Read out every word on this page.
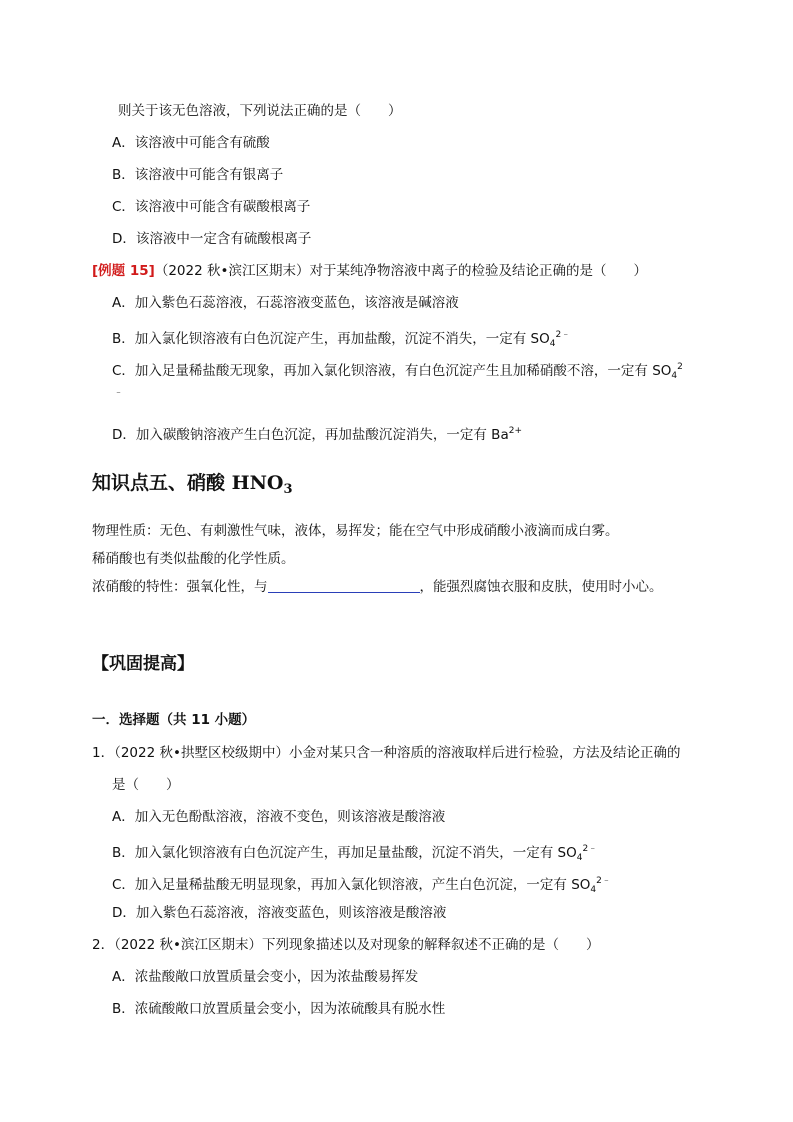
则关于该无色溶液，下列说法正确的是（　　）
A．该溶液中可能含有硫酸
B．该溶液中可能含有银离子
C．该溶液中可能含有碳酸根离子
D．该溶液中一定含有硫酸根离子
[例题 15]（2022 秋•滨江区期末）对于某纯净物溶液中离子的检验及结论正确的是（　　）
A．加入紫色石蕊溶液，石蕊溶液变蓝色，该溶液是碱溶液
B．加入氯化钡溶液有白色沉淀产生，再加盐酸，沉淀不消失，一定有 $SO_4^{2﹣}$
C．加入足量稀盐酸无现象，再加入氯化钡溶液，有白色沉淀产生且加稀硝酸不溶，一定有 $SO_4^2$
﹣
D．加入碳酸钠溶液产生白色沉淀，再加盐酸沉淀消失，一定有 $Ba^{2+}$
知识点五、硝酸 $HNO_3$
物理性质：无色、有刺激性气味，液体，易挥发；能在空气中形成硝酸小液滴而成白雾。
稀硝酸也有类似盐酸的化学性质。
浓硝酸的特性：强氧化性，与	，能强烈腐蚀衣服和皮肤，使用时小心。
【巩固提高】
一．选择题（共 11 小题）
1．（2022 秋•拱墅区校级期中）小金对某只含一种溶质的溶液取样后进行检验，方法及结论正确的
是（　　）
A．加入无色酚酞溶液，溶液不变色，则该溶液是酸溶液
B．加入氯化钡溶液有白色沉淀产生，再加足量盐酸，沉淀不消失，一定有 $SO_4^{2﹣}$
C．加入足量稀盐酸无明显现象，再加入氯化钡溶液，产生白色沉淀，一定有 $SO_4^{2﹣}$
D．加入紫色石蕊溶液，溶液变蓝色，则该溶液是酸溶液
2．（2022 秋•滨江区期末）下列现象描述以及对现象的解释叙述不正确的是（　　）
A．浓盐酸敞口放置质量会变小，因为浓盐酸易挥发
B．浓硫酸敞口放置质量会变小，因为浓硫酸具有脱水性
